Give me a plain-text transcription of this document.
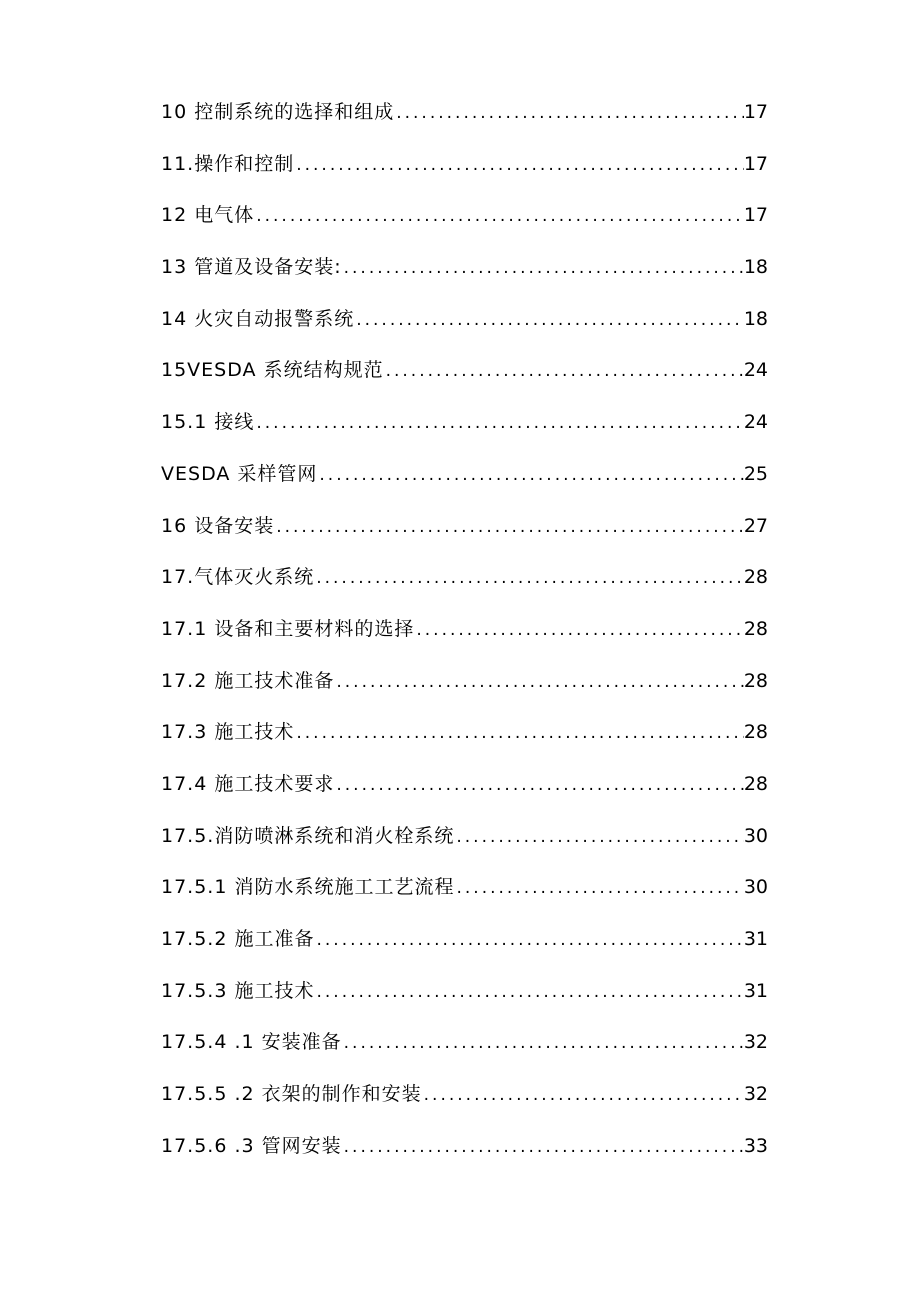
10 控制系统的选择和组成 .....	17
11.操作和控制 .....	17
12 电气体 .....	17
13 管道及设备安装: .....	18
14 火灾自动报警系统 .....	18
15VESDA 系统结构规范 .....	24
15.1 接线 .....	24
VESDA 采样管网 .....	25
16 设备安装 .....	27
17.气体灭火系统 .....	28
17.1 设备和主要材料的选择 .....	28
17.2 施工技术准备 .....	28
17.3 施工技术 .....	28
17.4 施工技术要求 .....	28
17.5.消防喷淋系统和消火栓系统 .....	30
17.5.1 消防水系统施工工艺流程 .....	30
17.5.2 施工准备 .....	31
17.5.3 施工技术 .....	31
17.5.4 .1 安装准备 .....	32
17.5.5 .2 衣架的制作和安装 .....	32
17.5.6 .3 管网安装 .....	33
